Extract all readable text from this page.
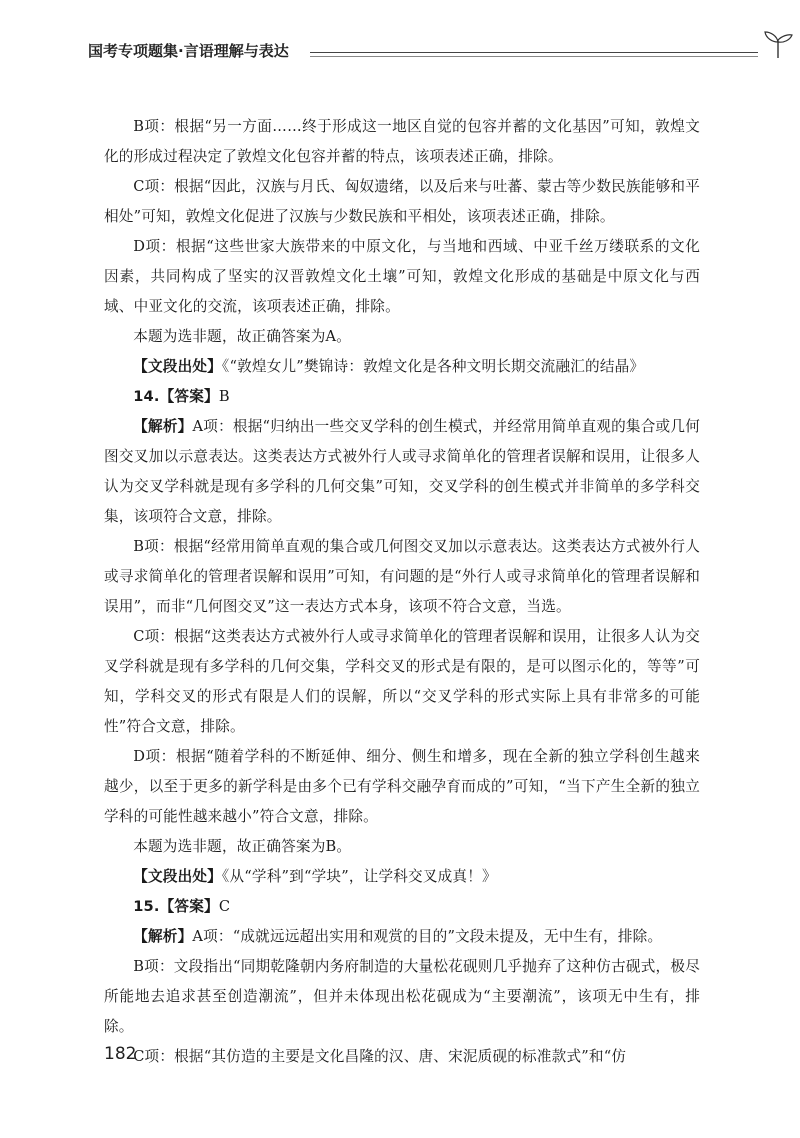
国考专项题集·言语理解与表达

B项：根据“另一方面……终于形成这一地区自觉的包容并蓄的文化基因”可知，敦煌文化的形成过程决定了敦煌文化包容并蓄的特点，该项表述正确，排除。

C项：根据“因此，汉族与月氏、匈奴遗绪，以及后来与吐蕃、蒙古等少数民族能够和平相处”可知，敦煌文化促进了汉族与少数民族和平相处，该项表述正确，排除。

D项：根据“这些世家大族带来的中原文化，与当地和西域、中亚千丝万缕联系的文化因素，共同构成了坚实的汉晋敦煌文化土壤”可知，敦煌文化形成的基础是中原文化与西域、中亚文化的交流，该项表述正确，排除。

本题为选非题，故正确答案为A。

【文段出处】《“敦煌女儿”樊锦诗：敦煌文化是各种文明长期交流融汇的结晶》

14.【答案】B

【解析】A项：根据“归纳出一些交叉学科的创生模式，并经常用简单直观的集合或几何图交叉加以示意表达。这类表达方式被外行人或寻求简单化的管理者误解和误用，让很多人认为交叉学科就是现有多学科的几何交集”可知，交叉学科的创生模式并非简单的多学科交集，该项符合文意，排除。

B项：根据“经常用简单直观的集合或几何图交叉加以示意表达。这类表达方式被外行人或寻求简单化的管理者误解和误用”可知，有问题的是“外行人或寻求简单化的管理者误解和误用”，而非“几何图交叉”这一表达方式本身，该项不符合文意，当选。

C项：根据“这类表达方式被外行人或寻求简单化的管理者误解和误用，让很多人认为交叉学科就是现有多学科的几何交集，学科交叉的形式是有限的，是可以图示化的，等等”可知，学科交叉的形式有限是人们的误解，所以“交叉学科的形式实际上具有非常多的可能性”符合文意，排除。

D项：根据“随着学科的不断延伸、细分、侧生和增多，现在全新的独立学科创生越来越少，以至于更多的新学科是由多个已有学科交融孕育而成的”可知，“当下产生全新的独立学科的可能性越来越小”符合文意，排除。

本题为选非题，故正确答案为B。

【文段出处】《从“学科”到“学块”，让学科交叉成真！》

15.【答案】C

【解析】A项：“成就远远超出实用和观赏的目的”文段未提及，无中生有，排除。

B项：文段指出“同期乾隆朝内务府制造的大量松花砚则几乎抛弃了这种仿古砚式，极尽所能地去追求甚至创造潮流”，但并未体现出松花砚成为“主要潮流”，该项无中生有，排除。

C项：根据“其仿造的主要是文化昌隆的汉、唐、宋泥质砚的标准款式”和“仿

182
